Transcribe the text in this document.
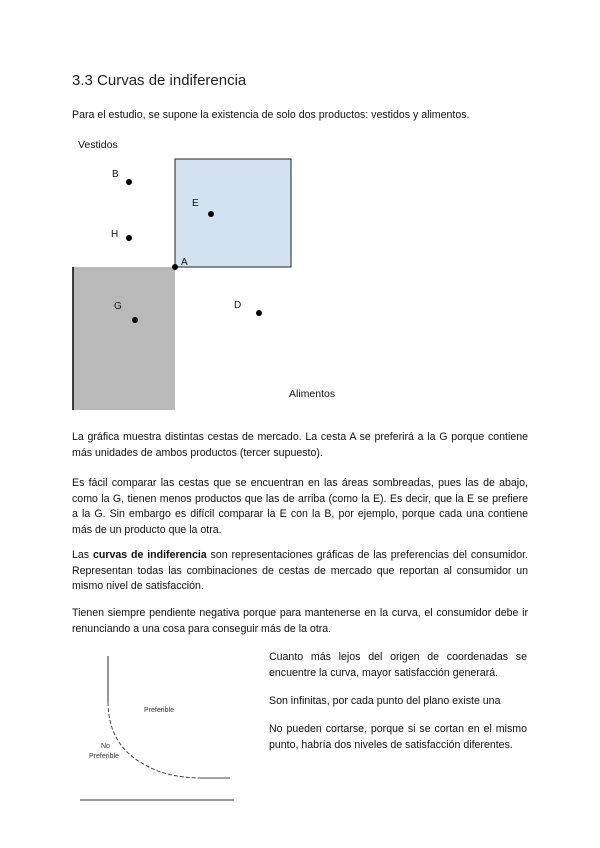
3.3 Curvas de indiferencia
Para el estudio, se supone la existencia de solo dos productos: vestidos y alimentos.
Vestidos
Alimentos
B
E
H
A
G	D
La gráfica muestra distintas cestas de mercado. La cesta A se preferirá a la G porque contiene más unidades de ambos productos (tercer supuesto).
Es fácil comparar las cestas que se encuentran en las áreas sombreadas, pues las de abajo, como la G, tienen menos productos que las de arriba (como la E). Es decir, que la E se prefiere a la G. Sin embargo es difícil comparar la E con la B, por ejemplo, porque cada una contiene más de un producto que la otra.
Las curvas de indiferencia son representaciones gráficas de las preferencias del consumidor. Representan todas las combinaciones de cestas de mercado que reportan al consumidor un mismo nivel de satisfacción.
Tienen siempre pendiente negativa porque para mantenerse en la curva, el consumidor debe ir renunciando a una cosa para conseguir más de la otra.
Preferible
No
Preferible
Cuanto más lejos del origen de coordenadas se encuentre la curva, mayor satisfacción generará.
Son infinitas, por cada punto del plano existe una
No pueden cortarse, porque si se cortan en el mismo punto, habría dos niveles de satisfacción diferentes.
